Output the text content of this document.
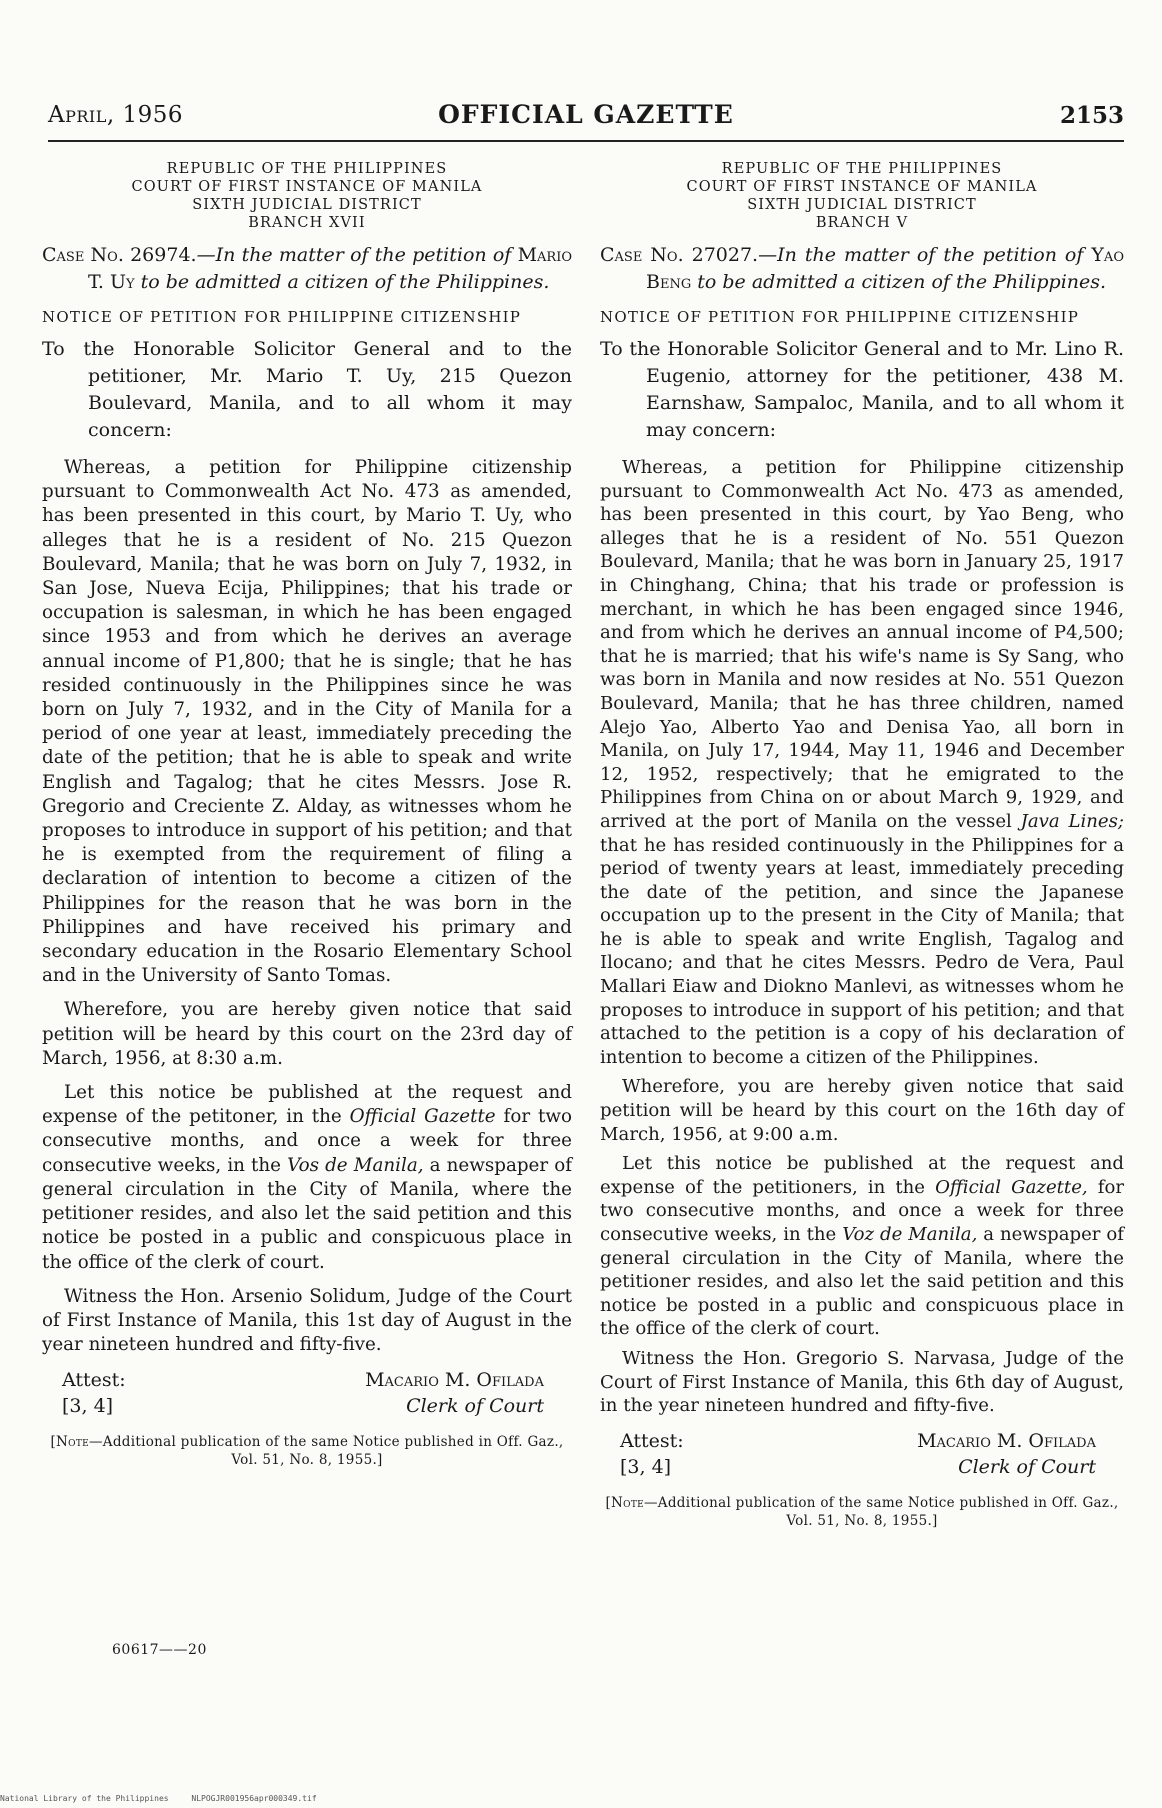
April, 1956	OFFICIAL GAZETTE	2153
REPUBLIC OF THE PHILIPPINES
COURT OF FIRST INSTANCE OF MANILA
SIXTH JUDICIAL DISTRICT
BRANCH XVII

Case No. 26974.—In the matter of the petition of Mario T. Uy to be admitted a citizen of the Philippines.

NOTICE OF PETITION FOR PHILIPPINE CITIZENSHIP

To the Honorable Solicitor General and to the petitioner, Mr. Mario T. Uy, 215 Quezon Boulevard, Manila, and to all whom it may concern:

Whereas, a petition for Philippine citizenship pursuant to Commonwealth Act No. 473 as amended, has been presented in this court, by Mario T. Uy, who alleges that he is a resident of No. 215 Quezon Boulevard, Manila; that he was born on July 7, 1932, in San Jose, Nueva Ecija, Philippines; that his trade or occupation is salesman, in which he has been engaged since 1953 and from which he derives an average annual income of P1,800; that he is single; that he has resided continuously in the Philippines since he was born on July 7, 1932, and in the City of Manila for a period of one year at least, immediately preceding the date of the petition; that he is able to speak and write English and Tagalog; that he cites Messrs. Jose R. Gregorio and Creciente Z. Alday, as witnesses whom he proposes to introduce in support of his petition; and that he is exempted from the requirement of filing a declaration of intention to become a citizen of the Philippines for the reason that he was born in the Philippines and have received his primary and secondary education in the Rosario Elementary School and in the University of Santo Tomas.

Wherefore, you are hereby given notice that said petition will be heard by this court on the 23rd day of March, 1956, at 8:30 a.m.

Let this notice be published at the request and expense of the petitoner, in the Official Gazette for two consecutive months, and once a week for three consecutive weeks, in the Vos de Manila, a newspaper of general circulation in the City of Manila, where the petitioner resides, and also let the said petition and this notice be posted in a public and conspicuous place in the office of the clerk of court.

Witness the Hon. Arsenio Solidum, Judge of the Court of First Instance of Manila, this 1st day of August in the year nineteen hundred and fifty-five.

Attest:
[3, 4]
Macario M. Ofilada
Clerk of Court
[Note—Additional publication of the same Notice published in Off. Gaz., Vol. 51, No. 8, 1955.]
60617——20
REPUBLIC OF THE PHILIPPINES
COURT OF FIRST INSTANCE OF MANILA
SIXTH JUDICIAL DISTRICT
BRANCH V

Case No. 27027.—In the matter of the petition of Yao Beng to be admitted a citizen of the Philippines.

NOTICE OF PETITION FOR PHILIPPINE CITIZENSHIP

To the Honorable Solicitor General and to Mr. Lino R. Eugenio, attorney for the petitioner, 438 M. Earnshaw, Sampaloc, Manila, and to all whom it may concern:

Whereas, a petition for Philippine citizenship pursuant to Commonwealth Act No. 473 as amended, has been presented in this court, by Yao Beng, who alleges that he is a resident of No. 551 Quezon Boulevard, Manila; that he was born in January 25, 1917 in Chinghang, China; that his trade or profession is merchant, in which he has been engaged since 1946, and from which he derives an annual income of P4,500; that he is married; that his wife's name is Sy Sang, who was born in Manila and now resides at No. 551 Quezon Boulevard, Manila; that he has three children, named Alejo Yao, Alberto Yao and Denisa Yao, all born in Manila, on July 17, 1944, May 11, 1946 and December 12, 1952, respectively; that he emigrated to the Philippines from China on or about March 9, 1929, and arrived at the port of Manila on the vessel Java Lines; that he has resided continuously in the Philippines for a period of twenty years at least, immediately preceding the date of the petition, and since the Japanese occupation up to the present in the City of Manila; that he is able to speak and write English, Tagalog and Ilocano; and that he cites Messrs. Pedro de Vera, Paul Mallari Eiaw and Diokno Manlevi, as witnesses whom he proposes to introduce in support of his petition; and that attached to the petition is a copy of his declaration of intention to become a citizen of the Philippines.

Wherefore, you are hereby given notice that said petition will be heard by this court on the 16th day of March, 1956, at 9:00 a.m.

Let this notice be published at the request and expense of the petitioners, in the Official Gazette, for two consecutive months, and once a week for three consecutive weeks, in the Voz de Manila, a newspaper of general circulation in the City of Manila, where the petitioner resides, and also let the said petition and this notice be posted in a public and conspicuous place in the office of the clerk of court.

Witness the Hon. Gregorio S. Narvasa, Judge of the Court of First Instance of Manila, this 6th day of August, in the year nineteen hundred and fifty-five.

Attest:
[3, 4]
Macario M. Ofilada
Clerk of Court
[Note—Additional publication of the same Notice published in Off. Gaz., Vol. 51, No. 8, 1955.]
National Library of the Philippines	NLPOGJR001956apr000349.tif
